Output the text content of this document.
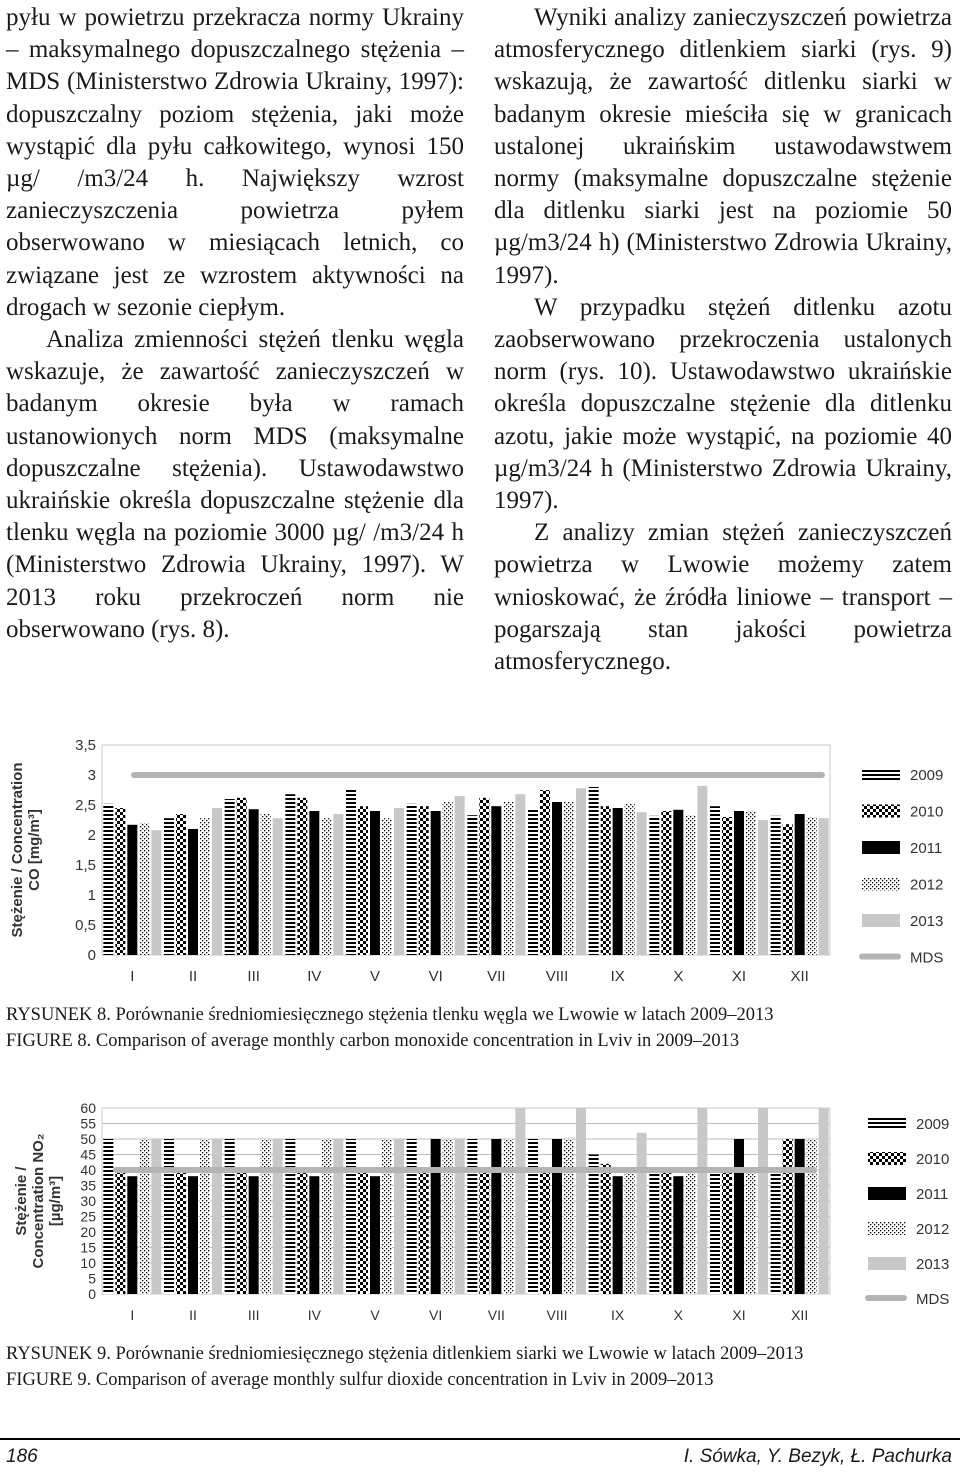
pyłu w powietrzu przekracza normy Ukrainy – maksymalnego dopuszczalnego stężenia – MDS (Ministerstwo Zdrowia Ukrainy, 1997): dopuszczalny poziom stężenia, jaki może wystąpić dla pyłu całkowitego, wynosi 150 µg/ /m3/24 h. Największy wzrost zanieczyszczenia powietrza pyłem obserwowano w miesiącach letnich, co związane jest ze wzrostem aktywności na drogach w sezonie ciepłym.

Analiza zmienności stężeń tlenku węgla wskazuje, że zawartość zanieczyszczeń w badanym okresie była w ramach ustanowionych norm MDS (maksymalne dopuszczalne stężenia). Ustawodawstwo ukraińskie określa dopuszczalne stężenie dla tlenku węgla na poziomie 3000 µg/ /m3/24 h (Ministerstwo Zdrowia Ukrainy, 1997). W 2013 roku przekroczeń norm nie obserwowano (rys. 8).

Wyniki analizy zanieczyszczeń powietrza atmosferycznego ditlenkiem siarki (rys. 9) wskazują, że zawartość ditlenku siarki w badanym okresie mieściła się w granicach ustalonej ukraińskim ustawodawstwem normy (maksymalne dopuszczalne stężenie dla ditlenku siarki jest na poziomie 50 µg/m3/24 h) (Ministerstwo Zdrowia Ukrainy, 1997).

W przypadku stężeń ditlenku azotu zaobserwowano przekroczenia ustalonych norm (rys. 10). Ustawodawstwo ukraińskie określa dopuszczalne stężenie dla ditlenku azotu, jakie może wystąpić, na poziomie 40 µg/m3/24 h (Ministerstwo Zdrowia Ukrainy, 1997).

Z analizy zmian stężeń zanieczyszczeń powietrza w Lwowie możemy zatem wnioskować, że źródła liniowe – transport – pogarszają stan jakości powietrza atmosferycznego.

Stężenie / ConcentrationCO [mg/m³]
0
0,5
1
1,5
2
2,5
3
3,5
I	II	III	IV	V	VI	VII	VIII	IX	X	XI	XII
2009
2010
2011
2012
2013
MDS
RYSUNEK 8. Porównanie średniomiesięcznego stężenia tlenku węgla we Lwowie w latach 2009–2013
FIGURE 8. Comparison of average monthly carbon monoxide concentration in Lviv in 2009–2013
Stężenie /Concentration NO₂[µg/m³]
0
5
10
15
20
25
30
35
40
45
50
55
60
I	II	III	IV	V	VI	VII	VIII	IX	X	XI	XII
2009
2010
2011
2012
2013
MDS
RYSUNEK 9. Porównanie średniomiesięcznego stężenia ditlenkiem siarki we Lwowie w latach 2009–2013
FIGURE 9. Comparison of average monthly sulfur dioxide concentration in Lviv in 2009–2013
186	I. Sówka, Y. Bezyk, Ł. Pachurka
